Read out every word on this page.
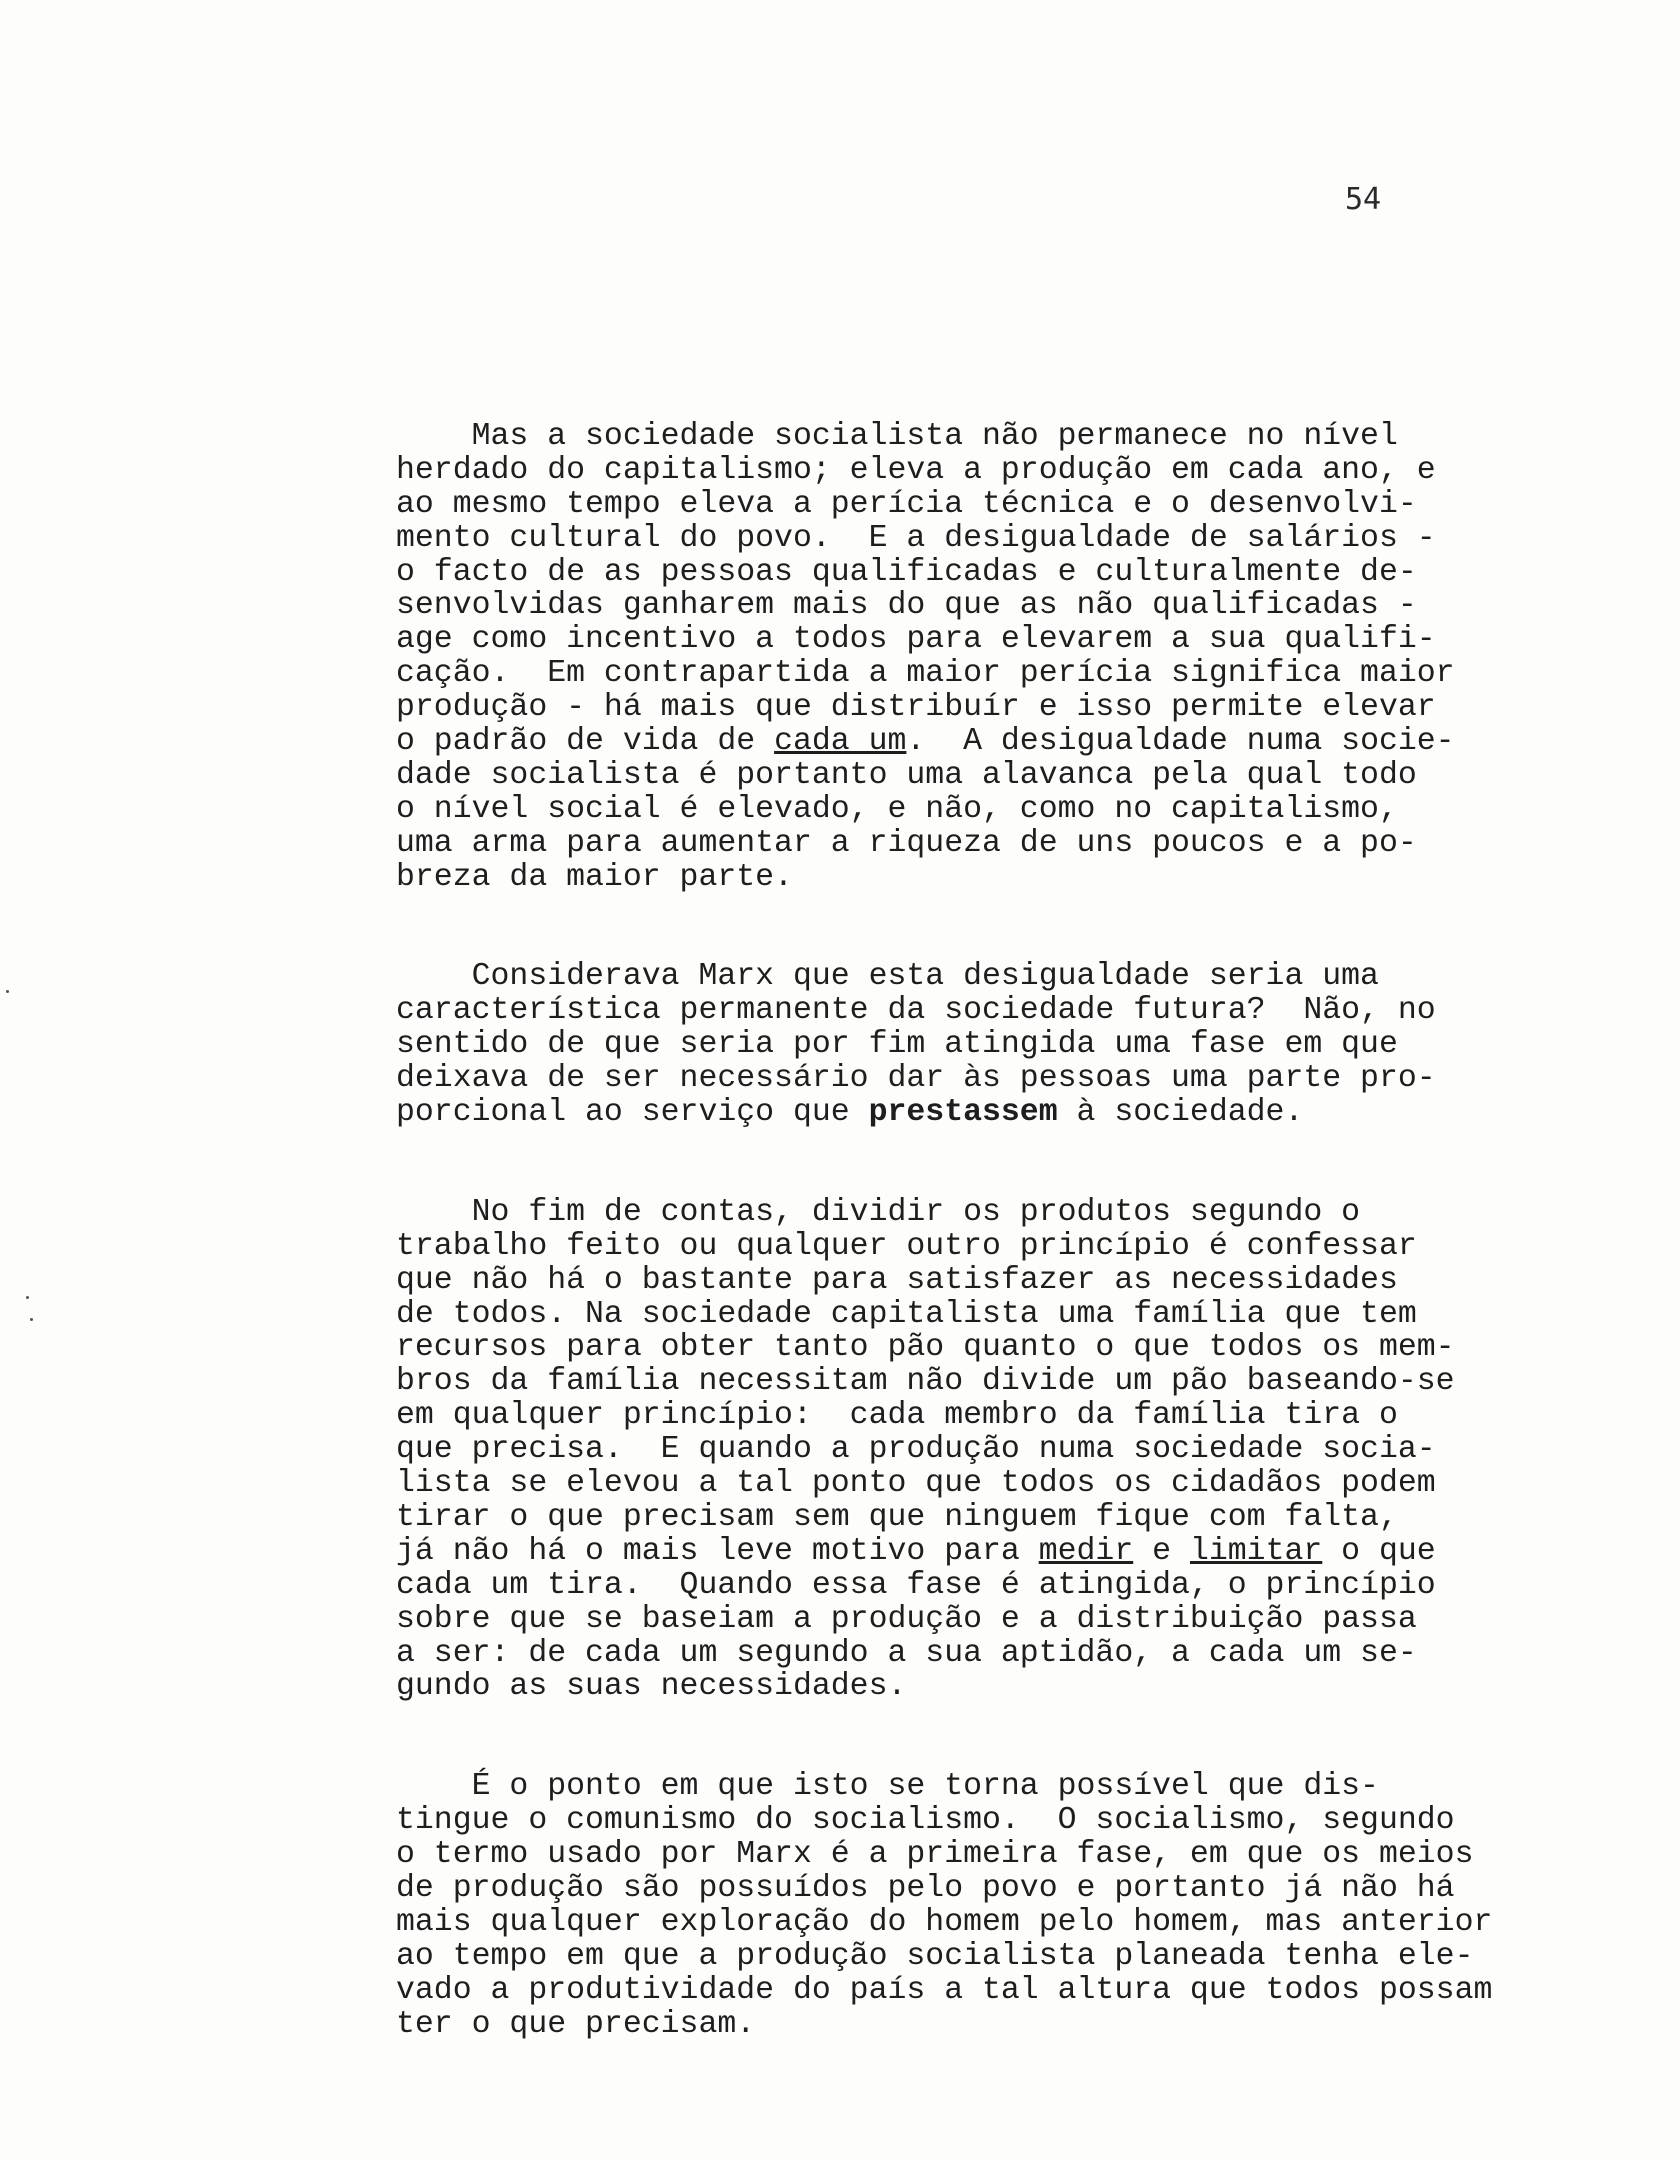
54

Mas a sociedade socialista não permanece no nível
herdado do capitalismo; eleva a produção em cada ano, e
ao mesmo tempo eleva a perícia técnica e o desenvolvi-
mento cultural do povo.  E a desigualdade de salários -
o facto de as pessoas qualificadas e culturalmente de-
senvolvidas ganharem mais do que as não qualificadas -
age como incentivo a todos para elevarem a sua qualifi-
cação.  Em contrapartida a maior perícia significa maior
produção - há mais que distribuír e isso permite elevar
o padrão de vida de cada um.  A desigualdade numa socie-
dade socialista é portanto uma alavanca pela qual todo
o nível social é elevado, e não, como no capitalismo,
uma arma para aumentar a riqueza de uns poucos e a po-
breza da maior parte.
Considerava Marx que esta desigualdade seria uma
característica permanente da sociedade futura?  Não, no
sentido de que seria por fim atingida uma fase em que
deixava de ser necessário dar às pessoas uma parte pro-
porcional ao serviço que prestassem à sociedade.
No fim de contas, dividir os produtos segundo o
trabalho feito ou qualquer outro princípio é confessar
que não há o bastante para satisfazer as necessidades
de todos. Na sociedade capitalista uma família que tem
recursos para obter tanto pão quanto o que todos os mem-
bros da família necessitam não divide um pão baseando-se
em qualquer princípio:  cada membro da família tira o
que precisa.  E quando a produção numa sociedade socia-
lista se elevou a tal ponto que todos os cidadãos podem
tirar o que precisam sem que ninguem fique com falta,
já não há o mais leve motivo para medir e limitar o que
cada um tira.  Quando essa fase é atingida, o princípio
sobre que se baseiam a produção e a distribuição passa
a ser: de cada um segundo a sua aptidão, a cada um se-
gundo as suas necessidades.
É o ponto em que isto se torna possível que dis-
tingue o comunismo do socialismo.  O socialismo, segundo
o termo usado por Marx é a primeira fase, em que os meios
de produção são possuídos pelo povo e portanto já não há
mais qualquer exploração do homem pelo homem, mas anterior
ao tempo em que a produção socialista planeada tenha ele-
vado a produtividade do país a tal altura que todos possam
ter o que precisam.
